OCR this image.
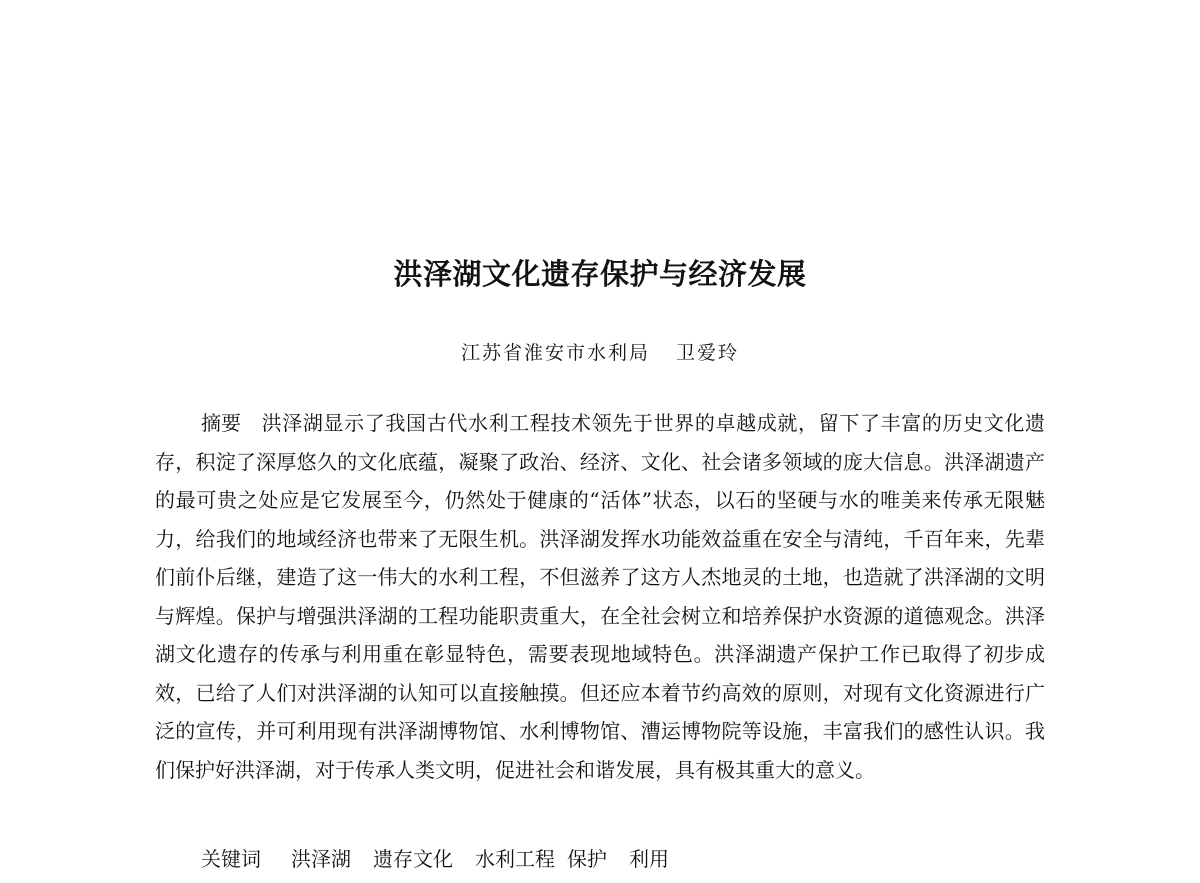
洪泽湖文化遗存保护与经济发展

江苏省淮安市水利局 卫爱玲

摘要 洪泽湖显示了我国古代水利工程技术领先于世界的卓越成就，留下了丰富的历史文化遗存，积淀了深厚悠久的文化底蕴，凝聚了政治、经济、文化、社会诸多领域的庞大信息。洪泽湖遗产的最可贵之处应是它发展至今，仍然处于健康的“活体”状态，以石的坚硬与水的唯美来传承无限魅力，给我们的地域经济也带来了无限生机。洪泽湖发挥水功能效益重在安全与清纯，千百年来，先辈们前仆后继，建造了这一伟大的水利工程，不但滋养了这方人杰地灵的土地，也造就了洪泽湖的文明与辉煌。保护与增强洪泽湖的工程功能职责重大，在全社会树立和培养保护水资源的道德观念。洪泽湖文化遗存的传承与利用重在彰显特色，需要表现地域特色。洪泽湖遗产保护工作已取得了初步成效，已给了人们对洪泽湖的认知可以直接触摸。但还应本着节约高效的原则，对现有文化资源进行广泛的宣传，并可利用现有洪泽湖博物馆、水利博物馆、漕运博物院等设施，丰富我们的感性认识。我们保护好洪泽湖，对于传承人类文明，促进社会和谐发展，具有极其重大的意义。

关键词 洪泽湖 遗存文化 水利工程 保护 利用
